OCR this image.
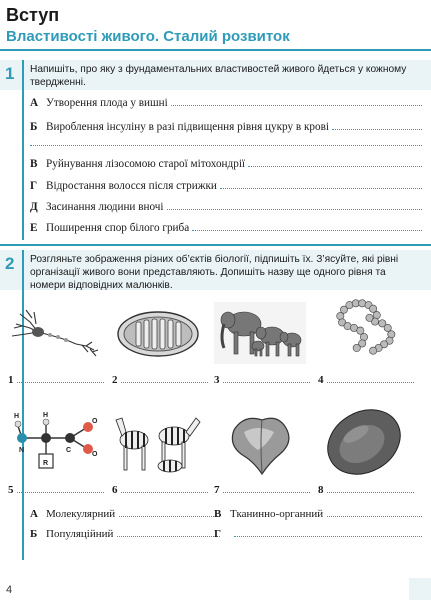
Вступ
Властивості живого. Сталий розвиток
1 Напишіть, про яку з фундаментальних властивостей живого йдеться у кожному твердженні.
А Утворення плода у вишні
Б Вироблення інсуліну в разі підвищення рівня цукру в крові
В Руйнування лізосомою старої мітохондрії
Г Відростання волосся після стрижки
Д Засинання людини вночі
Е Поширення спор білого гриба
2 Розгляньте зображення різних об’єктів біології, підпишіть їх. З’ясуйте, які рівні організації живого вони представляють. Допишіть назву ще одного рівня та номери відповідних малюнків.
1	2	3	4
H	H
N	C
O
O
R
5	6	7	8
А Молекулярний	В Тканинно-органний
Б Популяційний	Г
4
